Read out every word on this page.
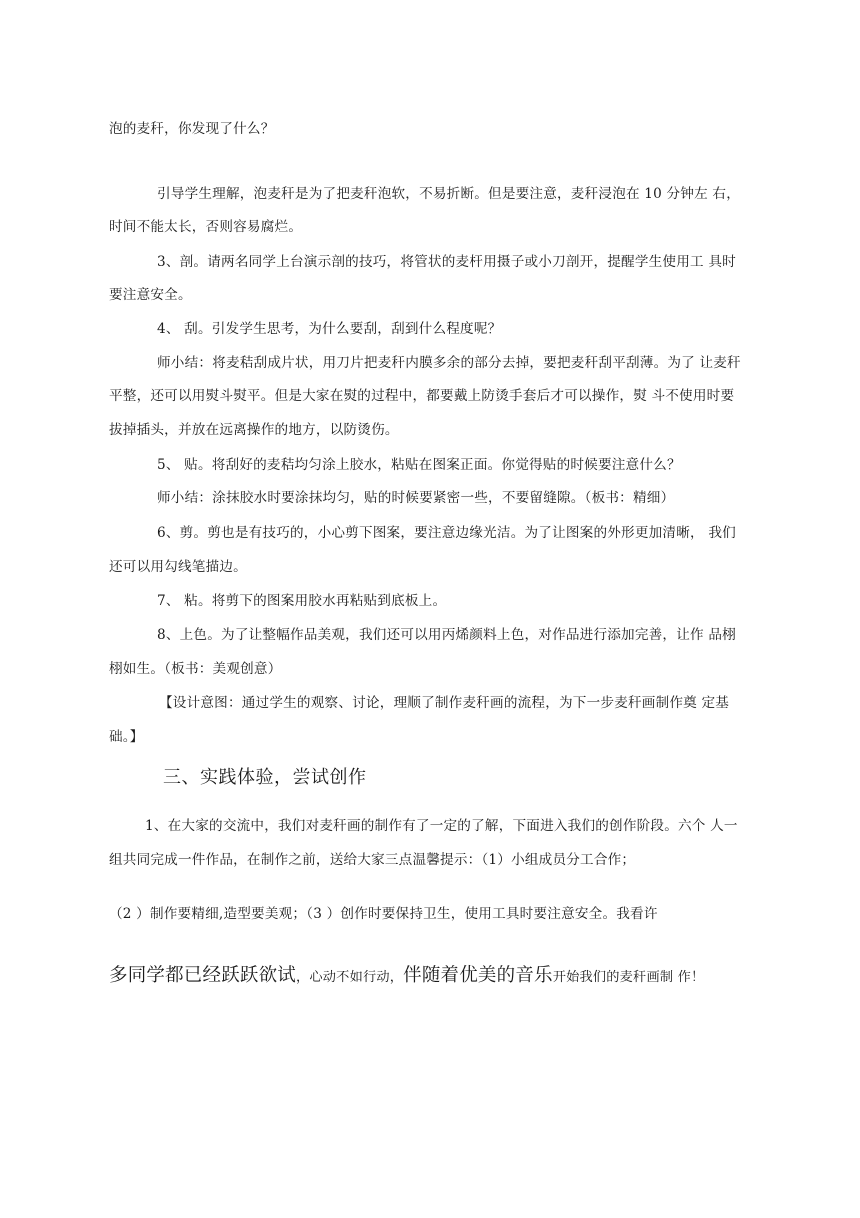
泡的麦秆，你发现了什么？
引导学生理解，泡麦秆是为了把麦秆泡软，不易折断。但是要注意，麦秆浸泡在 10 分钟左 右，
时间不能太长，否则容易腐烂。
3、剖。请两名同学上台演示剖的技巧，将管状的麦杆用摄子或小刀剖开，提醒学生使用工 具时
要注意安全。
4、 刮。引发学生思考，为什么要刮，刮到什么程度呢？
师小结：将麦秸刮成片状，用刀片把麦秆内膜多余的部分去掉，要把麦秆刮平刮薄。为了 让麦秆
平整，还可以用熨斗熨平。但是大家在熨的过程中，都要戴上防烫手套后才可以操作，熨 斗不使用时要
拔掉插头，并放在远离操作的地方，以防烫伤。
5、 贴。将刮好的麦秸均匀涂上胶水，粘贴在图案正面。你觉得贴的时候要注意什么？
师小结：涂抹胶水时要涂抹均匀，贴的时候要紧密一些，不要留缝隙。（板书：精细）
6、剪。剪也是有技巧的，小心剪下图案，要注意边缘光洁。为了让图案的外形更加清晰， 我们
还可以用勾线笔描边。
7、 粘。将剪下的图案用胶水再粘贴到底板上。
8、上色。为了让整幅作品美观，我们还可以用丙烯颜料上色，对作品进行添加完善，让作 品栩
栩如生。（板书：美观创意）
【设计意图：通过学生的观察、讨论，理顺了制作麦秆画的流程，为下一步麦秆画制作奠 定基
础。】
三、实践体验，尝试创作
1、在大家的交流中，我们对麦秆画的制作有了一定的了解，下面进入我们的创作阶段。六个 人一
组共同完成一件作品，在制作之前，送给大家三点温馨提示：（1）小组成员分工合作；
（2 ）制作要精细,造型要美观；（3 ）创作时要保持卫生，使用工具时要注意安全。我看许
多同学都已经跃跃欲试，心动不如行动，伴随着优美的音乐开始我们的麦秆画制 作！
